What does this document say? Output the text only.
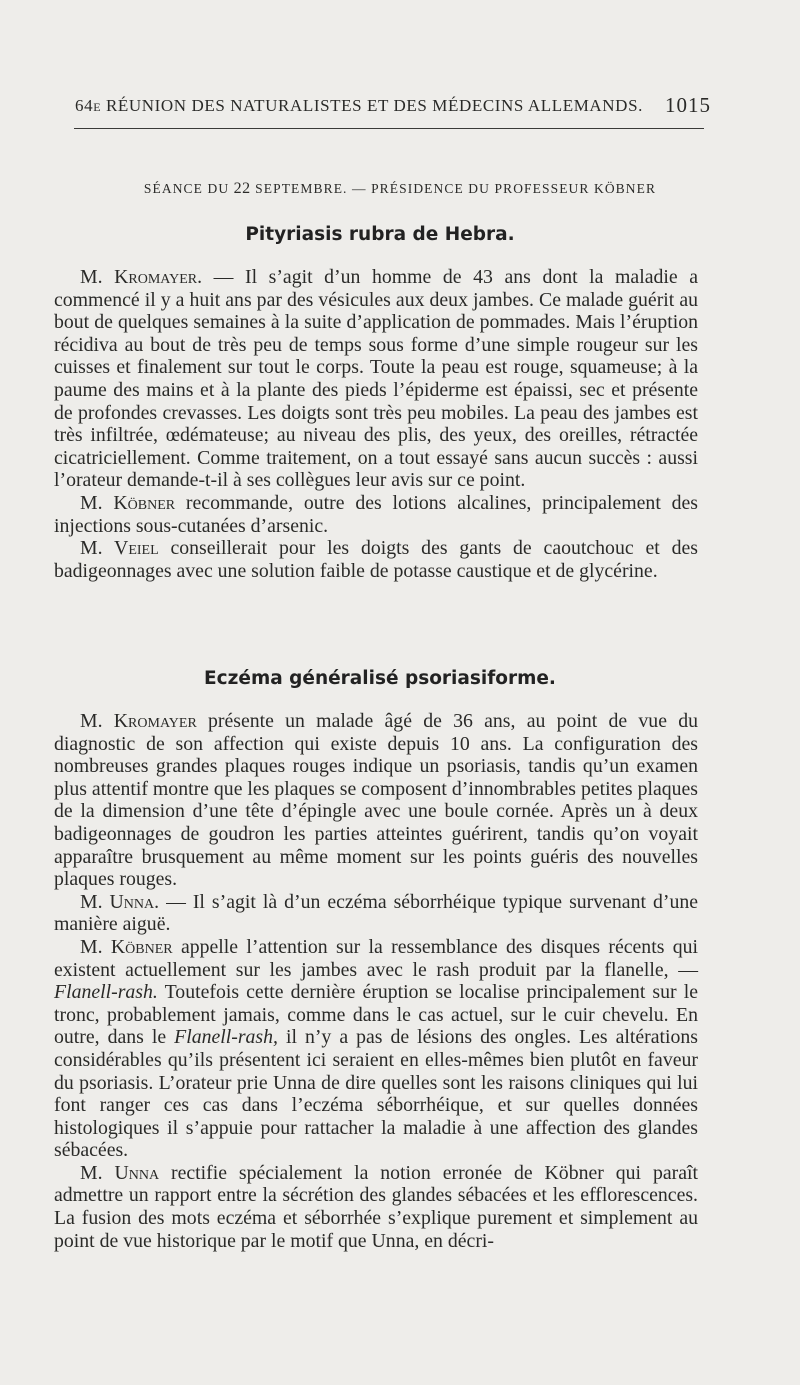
64e RÉUNION DES NATURALISTES ET DES MÉDECINS ALLEMANDS. 1015
SÉANCE DU 22 SEPTEMBRE. — PRÉSIDENCE DU PROFESSEUR KÖBNER
Pityriasis rubra de Hebra.

M. Kromayer. — Il s’agit d’un homme de 43 ans dont la maladie a commencé il y a huit ans par des vésicules aux deux jambes. Ce malade guérit au bout de quelques semaines à la suite d’application de pommades. Mais l’éruption récidiva au bout de très peu de temps sous forme d’une simple rougeur sur les cuisses et finalement sur tout le corps. Toute la peau est rouge, squameuse; à la paume des mains et à la plante des pieds l’épiderme est épaissi, sec et présente de profondes crevasses. Les doigts sont très peu mobiles. La peau des jambes est très infiltrée, œdémateuse; au niveau des plis, des yeux, des oreilles, rétractée cicatriciellement. Comme traitement, on a tout essayé sans aucun succès : aussi l’orateur demande-t-il à ses collègues leur avis sur ce point.

M. Köbner recommande, outre des lotions alcalines, principalement des injections sous-cutanées d’arsenic.

M. Veiel conseillerait pour les doigts des gants de caoutchouc et des badigeonnages avec une solution faible de potasse caustique et de glycérine.

Eczéma généralisé psoriasiforme.

M. Kromayer présente un malade âgé de 36 ans, au point de vue du diagnostic de son affection qui existe depuis 10 ans. La configuration des nombreuses grandes plaques rouges indique un psoriasis, tandis qu’un examen plus attentif montre que les plaques se composent d’innombrables petites plaques de la dimension d’une tête d’épingle avec une boule cornée. Après un à deux badigeonnages de goudron les parties atteintes guérirent, tandis qu’on voyait apparaître brusquement au même moment sur les points guéris des nouvelles plaques rouges.

M. Unna. — Il s’agit là d’un eczéma séborrhéique typique survenant d’une manière aiguë.

M. Köbner appelle l’attention sur la ressemblance des disques récents qui existent actuellement sur les jambes avec le rash produit par la flanelle, — Flanell-rash. Toutefois cette dernière éruption se localise principalement sur le tronc, probablement jamais, comme dans le cas actuel, sur le cuir chevelu. En outre, dans le Flanell-rash, il n’y a pas de lésions des ongles. Les altérations considérables qu’ils présentent ici seraient en elles-mêmes bien plutôt en faveur du psoriasis. L’orateur prie Unna de dire quelles sont les raisons cliniques qui lui font ranger ces cas dans l’eczéma séborrhéique, et sur quelles données histologiques il s’appuie pour rattacher la maladie à une affection des glandes sébacées.

M. Unna rectifie spécialement la notion erronée de Köbner qui paraît admettre un rapport entre la sécrétion des glandes sébacées et les efflorescences. La fusion des mots eczéma et séborrhée s’explique purement et simplement au point de vue historique par le motif que Unna, en décri-
